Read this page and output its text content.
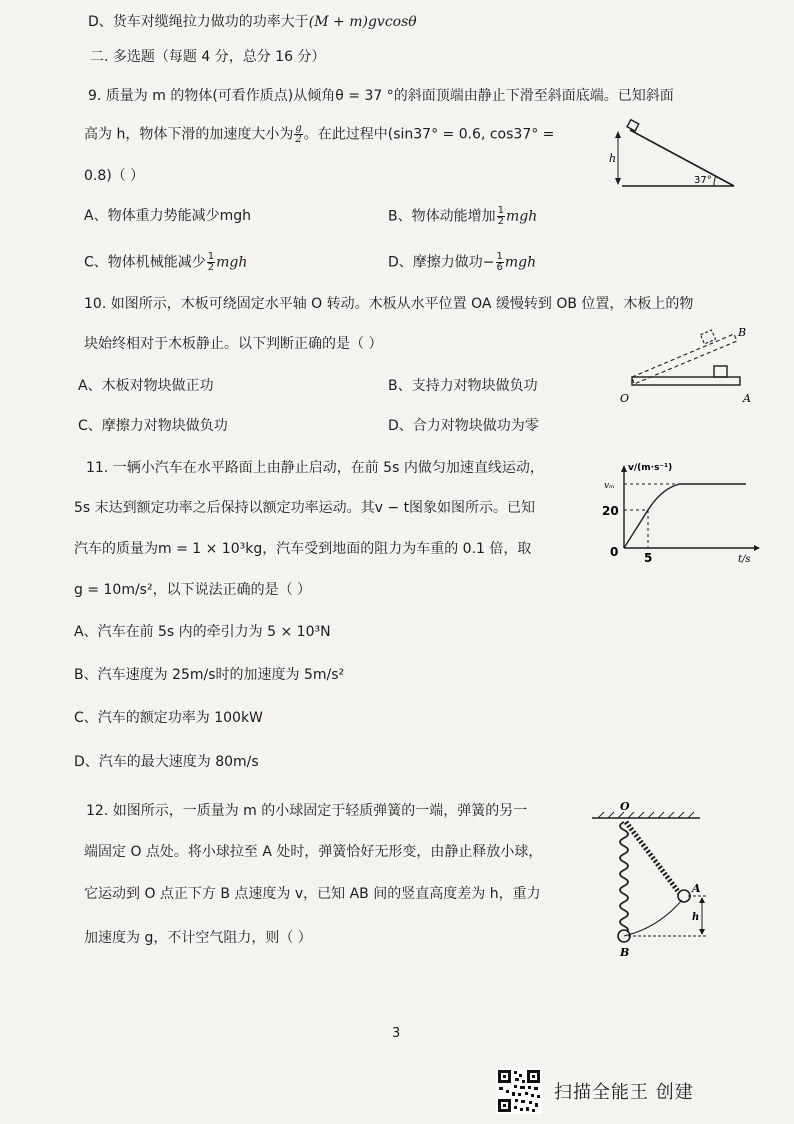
D、货车对缆绳拉力做功的功率大于(M + m)gvcosθ
二. 多选题（每题 4 分，总分 16 分）
9. 质量为 m 的物体(可看作质点)从倾角θ = 37 °的斜面顶端由静止下滑至斜面底端。已知斜面
高为 h，物体下滑的加速度大小为 $\frac{g}{2}$ 。在此过程中(sin37° = 0.6, cos37° =
0.8)（ ）
A、物体重力势能减少mgh	B、物体动能增加 $\frac{1}{2}$ mgh
C、物体机械能减少 $\frac{1}{2}$ mgh	D、摩擦力做功− $\frac{1}{6}$ mgh
h
37°
10. 如图所示，木板可绕固定水平轴 O 转动。木板从水平位置 OA 缓慢转到 OB 位置，木板上的物
块始终相对于木板静止。以下判断正确的是（ ）
A、木板对物块做正功	B、支持力对物块做负功
C、摩擦力对物块做负功	D、合力对物块做功为零
O	A
B
11. 一辆小汽车在水平路面上由静止启动，在前 5s 内做匀加速直线运动，
5s 末达到额定功率之后保持以额定功率运动。其v − t图象如图所示。已知
汽车的质量为m = 1 × 10³kg，汽车受到地面的阻力为车重的 0.1 倍，取
g = 10m/s²，以下说法正确的是（ ）
A、汽车在前 5s 内的牵引力为 5 × 10³N
B、汽车速度为 25m/s时的加速度为 5m/s²
C、汽车的额定功率为 100kW
D、汽车的最大速度为 80m/s
v/(m·s⁻¹)
vₘ
20
0 5	t/s
12. 如图所示，一质量为 m 的小球固定于轻质弹簧的一端，弹簧的另一
端固定 O 点处。将小球拉至 A 处时，弹簧恰好无形变，由静止释放小球，
它运动到 O 点正下方 B 点速度为 v，已知 AB 间的竖直高度差为 h，重力
加速度为 g，不计空气阻力，则（ ）
O
A
B
h
3
扫描全能王 创建
